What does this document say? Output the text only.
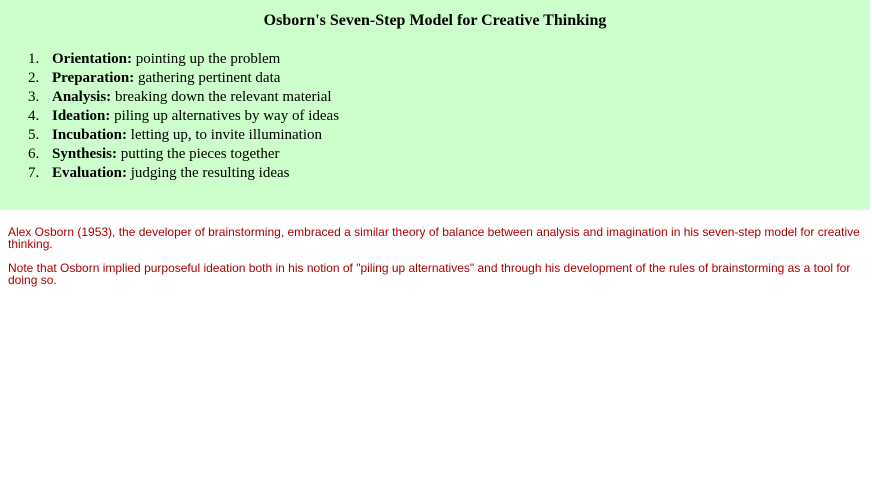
Osborn's Seven-Step Model for Creative Thinking
1. Orientation: pointing up the problem
2. Preparation: gathering pertinent data
3. Analysis: breaking down the relevant material
4. Ideation: piling up alternatives by way of ideas
5. Incubation: letting up, to invite illumination
6. Synthesis: putting the pieces together
7. Evaluation: judging the resulting ideas

Alex Osborn (1953), the developer of brainstorming, embraced a similar theory of balance between analysis and imagination in his seven-step model for creative thinking.

Note that Osborn implied purposeful ideation both in his notion of "piling up alternatives" and through his development of the rules of brainstorming as a tool for doing so.
